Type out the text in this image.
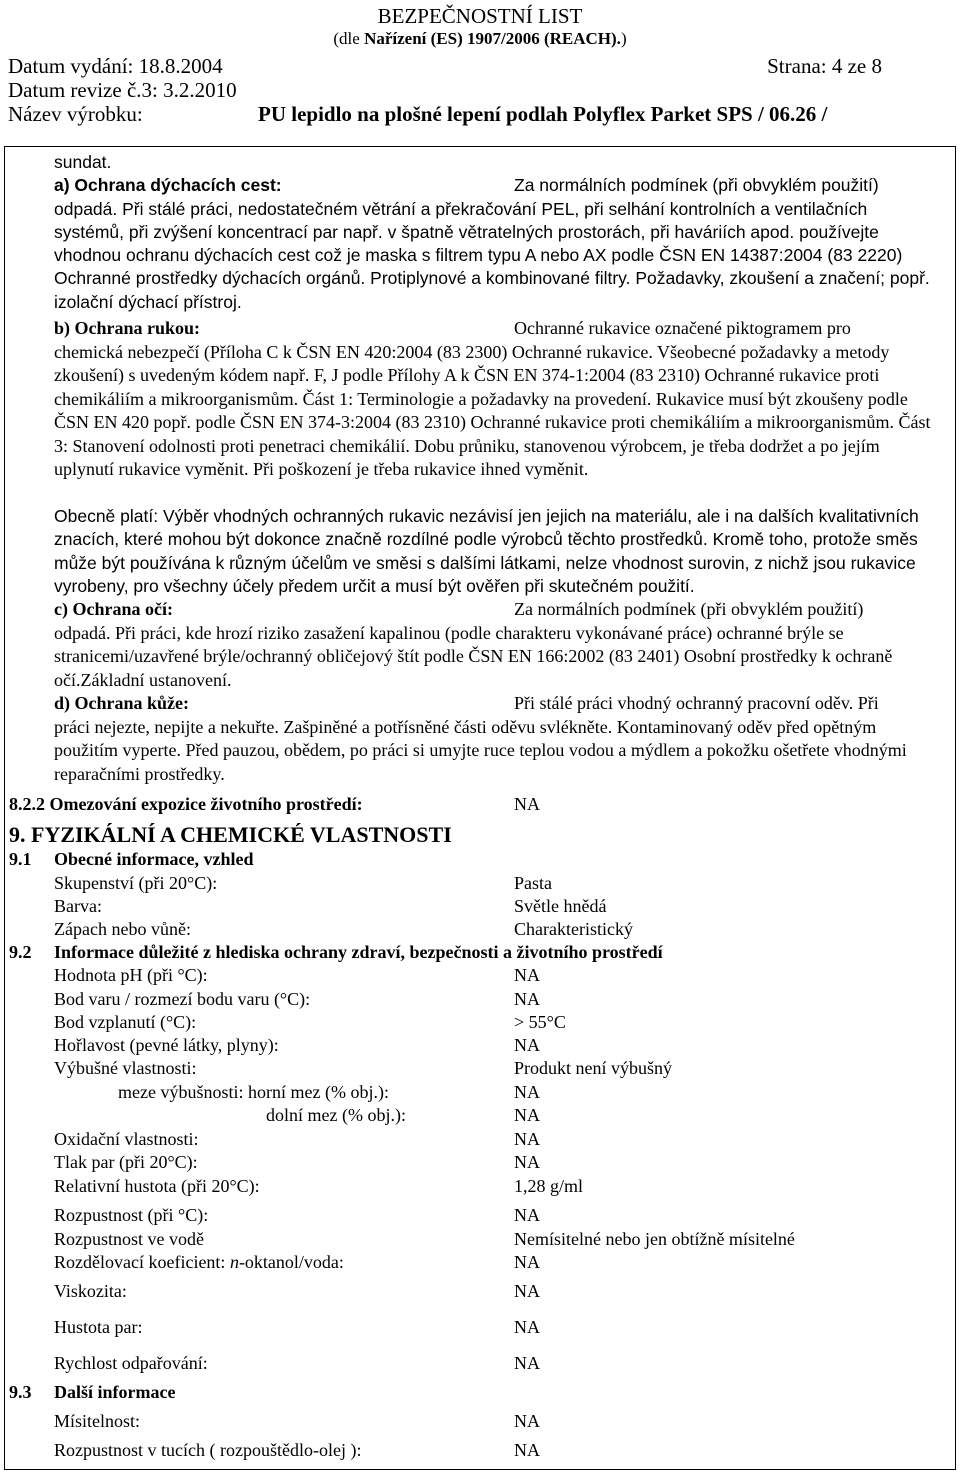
BEZPEČNOSTNÍ LIST
(dle Nařízení (ES) 1907/2006 (REACH).)
Datum vydání: 18.8.2004	Strana: 4 ze 8
Datum revize č.3: 3.2.2010
Název výrobku:	PU lepidlo na plošné lepení podlah Polyflex Parket SPS / 06.26 /

sundat.

a) Ochrana dýchacích cest:	Za normálních podmínek (při obvyklém použití)

odpadá. Při stálé práci, nedostatečném větrání a překračování PEL, při selhání kontrolních a ventilačních systémů, při zvýšení koncentrací par např. v špatně větratelných prostorách, při haváriích apod. používejte vhodnou ochranu dýchacích cest což je maska s filtrem typu A nebo AX podle ČSN EN 14387:2004 (83 2220) Ochranné prostředky dýchacích orgánů. Protiplynové a kombinované filtry. Požadavky, zkoušení a značení; popř. izolační dýchací přístroj.

b) Ochrana rukou:	Ochranné rukavice označené piktogramem pro

chemická nebezpečí (Příloha C k ČSN EN 420:2004 (83 2300) Ochranné rukavice. Všeobecné požadavky a metody zkoušení) s uvedeným kódem např. F, J podle Přílohy A k ČSN EN 374-1:2004 (83 2310) Ochranné rukavice proti chemikáliím a mikroorganismům. Část 1: Terminologie a požadavky na provedení. Rukavice musí být zkoušeny podle ČSN EN 420 popř. podle ČSN EN 374-3:2004 (83 2310) Ochranné rukavice proti chemikáliím a mikroorganismům. Část 3: Stanovení odolnosti proti penetraci chemikálií. Dobu průniku, stanovenou výrobcem, je třeba dodržet a po jejím uplynutí rukavice vyměnit. Při poškození je třeba rukavice ihned vyměnit.

Obecně platí: Výběr vhodných ochranných rukavic nezávisí jen jejich na materiálu, ale i na dalších kvalitativních znacích, které mohou být dokonce značně rozdílné podle výrobců těchto prostředků. Kromě toho, protože směs může být používána k různým účelům ve směsi s dalšími látkami, nelze vhodnost surovin, z nichž jsou rukavice vyrobeny, pro všechny účely předem určit a musí být ověřen při skutečném použití.

c) Ochrana očí:	Za normálních podmínek (při obvyklém použití)

odpadá. Při práci, kde hrozí riziko zasažení kapalinou (podle charakteru vykonávané práce) ochranné brýle se stranicemi/uzavřené brýle/ochranný obličejový štít podle ČSN EN 166:2002 (83 2401) Osobní prostředky k ochraně očí.Základní ustanovení.

d) Ochrana kůže:	Při stálé práci vhodný ochranný pracovní oděv. Při

práci nejezte, nepijte a nekuřte. Zašpiněné a potřísněné části oděvu svlékněte. Kontaminovaný oděv před opětným použitím vyperte. Před pauzou, obědem, po práci si umyjte ruce teplou vodou a mýdlem a pokožku ošetřete vhodnými reparačními prostředky.

8.2.2 Omezování expozice životního prostředí:	NA
9. FYZIKÁLNÍ A CHEMICKÉ VLASTNOSTI
9.1 Obecné informace, vzhled
Skupenství (při 20°C):	Pasta
Barva:	Světle hnědá
Zápach nebo vůně:	Charakteristický
9.2 Informace důležité z hlediska ochrany zdraví, bezpečnosti a životního prostředí
Hodnota pH (při °C):	NA
Bod varu / rozmezí bodu varu (°C):	NA
Bod vzplanutí (°C):	> 55°C
Hořlavost (pevné látky, plyny):	NA
Výbušné vlastnosti:	Produkt není výbušný
meze výbušnosti: horní mez (% obj.):	NA
dolní mez (% obj.):	NA
Oxidační vlastnosti:	NA
Tlak par (při 20°C):	NA
Relativní hustota (při 20°C):	1,28 g/ml
Rozpustnost (při °C):	NA
Rozpustnost ve vodě	Nemísitelné nebo jen obtížně mísitelné
Rozdělovací koeficient: n-oktanol/voda:	NA
Viskozita:	NA
Hustota par:	NA
Rychlost odpařování:	NA
9.3 Další informace
Mísitelnost:	NA
Rozpustnost v tucích ( rozpouštědlo-olej ):	NA
